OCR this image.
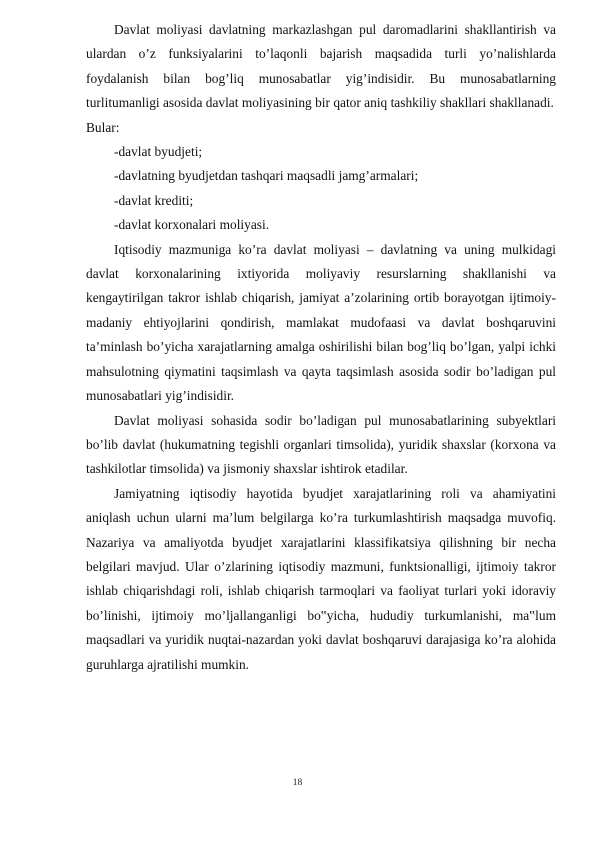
Davlat moliyasi davlatning markazlashgan pul daromadlarini shakllantirish va ulardan o’z funksiyalarini to’laqonli bajarish maqsadida turli yo’nalishlarda foydalanish bilan bog’liq munosabatlar yig’indisidir. Bu munosabatlarning turlitumanligi asosida davlat moliyasining bir qator aniq tashkiliy shakllari shakllanadi.

Bular:

-davlat byudjeti;

-davlatning byudjetdan tashqari maqsadli jamg’armalari;

-davlat krediti;

-davlat korxonalari moliyasi.

Iqtisodiy mazmuniga ko’ra davlat moliyasi – davlatning va uning mulkidagi davlat korxonalarining ixtiyorida moliyaviy resurslarning shakllanishi va kengaytirilgan takror ishlab chiqarish, jamiyat a’zolarining ortib borayotgan ijtimoiy-madaniy ehtiyojlarini qondirish, mamlakat mudofaasi va davlat boshqaruvini ta’minlash bo’yicha xarajatlarning amalga oshirilishi bilan bog’liq bo’lgan, yalpi ichki mahsulotning qiymatini taqsimlash va qayta taqsimlash asosida sodir bo’ladigan pul munosabatlari yig’indisidir.

Davlat moliyasi sohasida sodir bo’ladigan pul munosabatlarining subyektlari bo’lib davlat (hukumatning tegishli organlari timsolida), yuridik shaxslar (korxona va tashkilotlar timsolida) va jismoniy shaxslar ishtirok etadilar.

Jamiyatning iqtisodiy hayotida byudjet xarajatlarining roli va ahamiyatini aniqlash uchun ularni ma’lum belgilarga ko’ra turkumlashtirish maqsadga muvofiq. Nazariya va amaliyotda byudjet xarajatlarini klassifikatsiya qilishning bir necha belgilari mavjud. Ular o’zlarining iqtisodiy mazmuni, funktsionalligi, ijtimoiy takror ishlab chiqarishdagi roli, ishlab chiqarish tarmoqlari va faoliyat turlari yoki idoraviy bo’linishi, ijtimoiy mo’ljallanganligi bo‟yicha, hududiy turkumlanishi, ma‟lum maqsadlari va yuridik nuqtai-nazardan yoki davlat boshqaruvi darajasiga ko’ra alohida guruhlarga ajratilishi mumkin.

18
